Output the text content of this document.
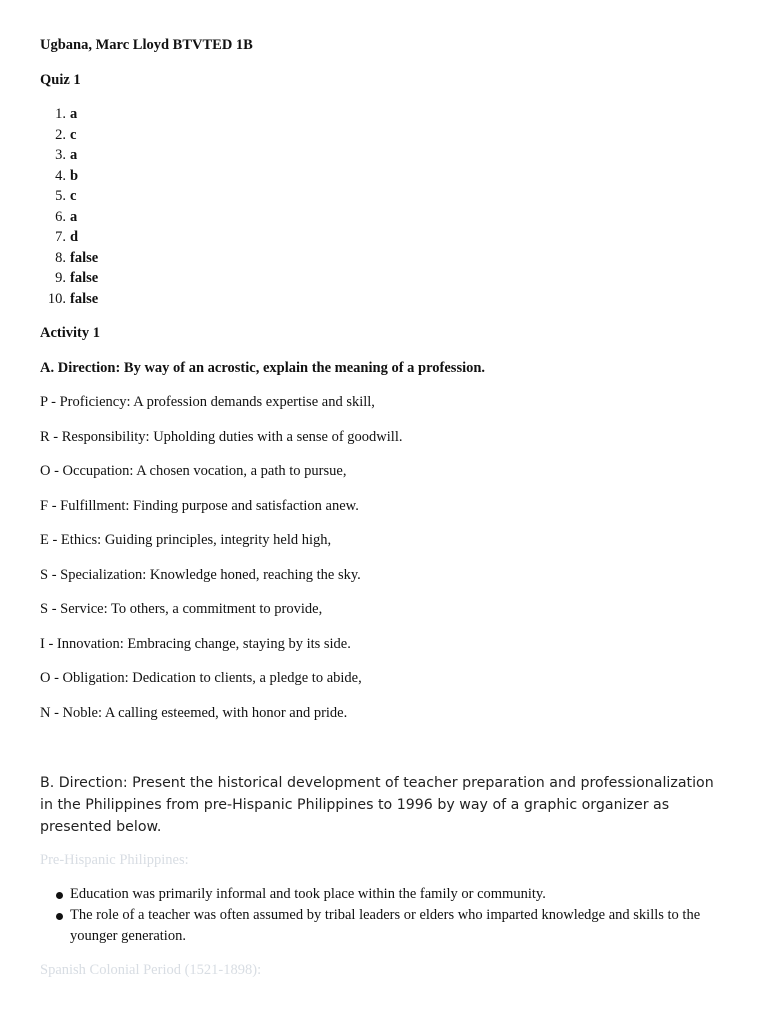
Ugbana, Marc Lloyd BTVTED 1B
Quiz 1
1. a
2. c
3. a
4. b
5. c
6. a
7. d
8. false
9. false
10. false
Activity 1
A. Direction: By way of an acrostic, explain the meaning of a profession.
P - Proficiency: A profession demands expertise and skill,
R - Responsibility: Upholding duties with a sense of goodwill.
O - Occupation: A chosen vocation, a path to pursue,
F - Fulfillment: Finding purpose and satisfaction anew.
E - Ethics: Guiding principles, integrity held high,
S - Specialization: Knowledge honed, reaching the sky.
S - Service: To others, a commitment to provide,
I - Innovation: Embracing change, staying by its side.
O - Obligation: Dedication to clients, a pledge to abide,
N - Noble: A calling esteemed, with honor and pride.
B. Direction: Present the historical development of teacher preparation and professionalization in the Philippines from pre-Hispanic Philippines to 1996 by way of a graphic organizer as presented below.
Pre-Hispanic Philippines:
Education was primarily informal and took place within the family or community.
The role of a teacher was often assumed by tribal leaders or elders who imparted knowledge and skills to the younger generation.
Spanish Colonial Period (1521-1898):
